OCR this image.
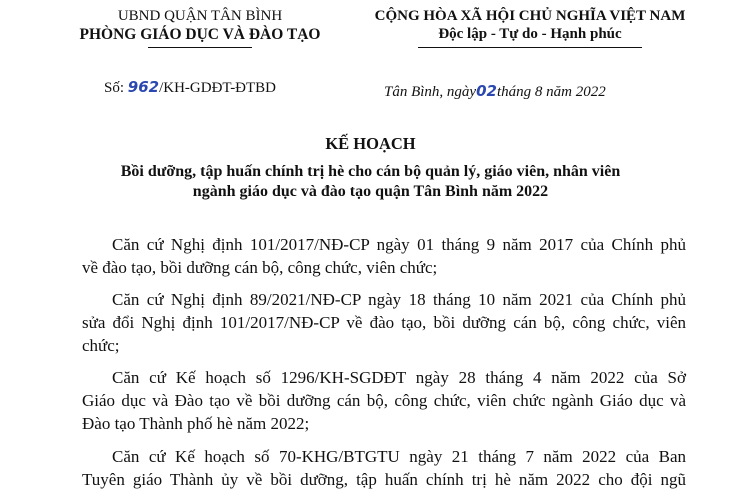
UBND QUẬN TÂN BÌNH
PHÒNG GIÁO DỤC VÀ ĐÀO TẠO
Số: 962/KH-GDĐT-ĐTBD
CỘNG HÒA XÃ HỘI CHỦ NGHĨA VIỆT NAM
Độc lập - Tự do - Hạnh phúc
Tân Bình, ngày02tháng 8 năm 2022
KẾ HOẠCH
Bồi dưỡng, tập huấn chính trị hè cho cán bộ quản lý, giáo viên, nhân viên
ngành giáo dục và đào tạo quận Tân Bình năm 2022
Căn cứ Nghị định 101/2017/NĐ-CP ngày 01 tháng 9 năm 2017 của Chính phủ
về đào tạo, bồi dưỡng cán bộ, công chức, viên chức;
Căn cứ Nghị định 89/2021/NĐ-CP ngày 18 tháng 10 năm 2021 của Chính phủ
sửa đổi Nghị định 101/2017/NĐ-CP về đào tạo, bồi dưỡng cán bộ, công chức, viên
chức;
Căn cứ Kế hoạch số 1296/KH-SGDĐT ngày 28 tháng 4 năm 2022 của Sở
Giáo dục và Đào tạo về bồi dưỡng cán bộ, công chức, viên chức ngành Giáo dục và
Đào tạo Thành phố hè năm 2022;
Căn cứ Kế hoạch số 70-KHG/BTGTU ngày 21 tháng 7 năm 2022 của Ban
Tuyên giáo Thành ủy về bồi dưỡng, tập huấn chính trị hè năm 2022 cho đội ngũ
